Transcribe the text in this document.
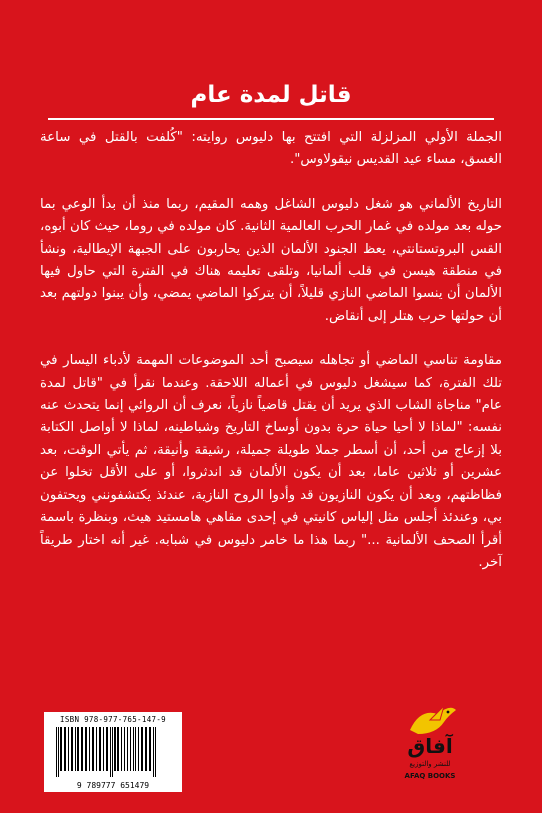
قاتل لمدة عام

الجملة الأولي المزلزلة التي افتتح بها دليوس روايته: "كُلفت بالقتل في ساعة الغسق، مساء عيد القديس نيقولاوس".

التاريخ الألماني هو شغل دليوس الشاغل وهمه المقيم، ربما منذ أن بدأ الوعي بما حوله بعد مولده في غمار الحرب العالمية الثانية. كان مولده في روما، حيث كان أبوه، القس البروتستانتي، يعظ الجنود الألمان الذين يحاربون على الجبهة الإيطالية، ونشأ في منطقة هيسن في قلب ألمانيا، وتلقى تعليمه هناك في الفترة التي حاول فيها الألمان أن ينسوا الماضي النازي قليلاً، أن يتركوا الماضي يمضي، وأن يبنوا دولتهم بعد أن حولتها حرب هتلر إلى أنقاض.

مقاومة تناسي الماضي أو تجاهله سيصبح أحد الموضوعات المهمة لأدباء اليسار في تلك الفترة، كما سيشغل دليوس في أعماله اللاحقة. وعندما نقرأ في "قاتل لمدة عام" مناجاة الشاب الذي يريد أن يقتل قاضياً نازياً، نعرف أن الروائي إنما يتحدث عنه نفسه: "لماذا لا أحيا حياة حرة بدون أوساخ التاريخ وشباطينه، لماذا لا أواصل الكتابة بلا إزعاج من أحد، أن أسطر جملا طويلة جميلة، رشيقة وأنيقة، ثم يأتي الوقت، بعد عشرين أو ثلاثين عاما، بعد أن يكون الألمان قد اندثروا، أو على الأقل تخلوا عن فظاظتهم، وبعد أن يكون النازيون قد وأدوا الروح النازية، عندئذ يكتشفونني ويحتفون بي، وعندئذ أجلس مثل إلياس كانيتي في إحدى مقاهي هامستيد هيث، وبنظرة باسمة أقرأ الصحف الألمانية ..." ربما هذا ما خامر دليوس في شبابه. غير أنه اختار طريقاً آخر.

ISBN 978-977-765-147-9
9 789777 651479
آفاق
للنشر والتوزيع
AFAQ BOOKS
